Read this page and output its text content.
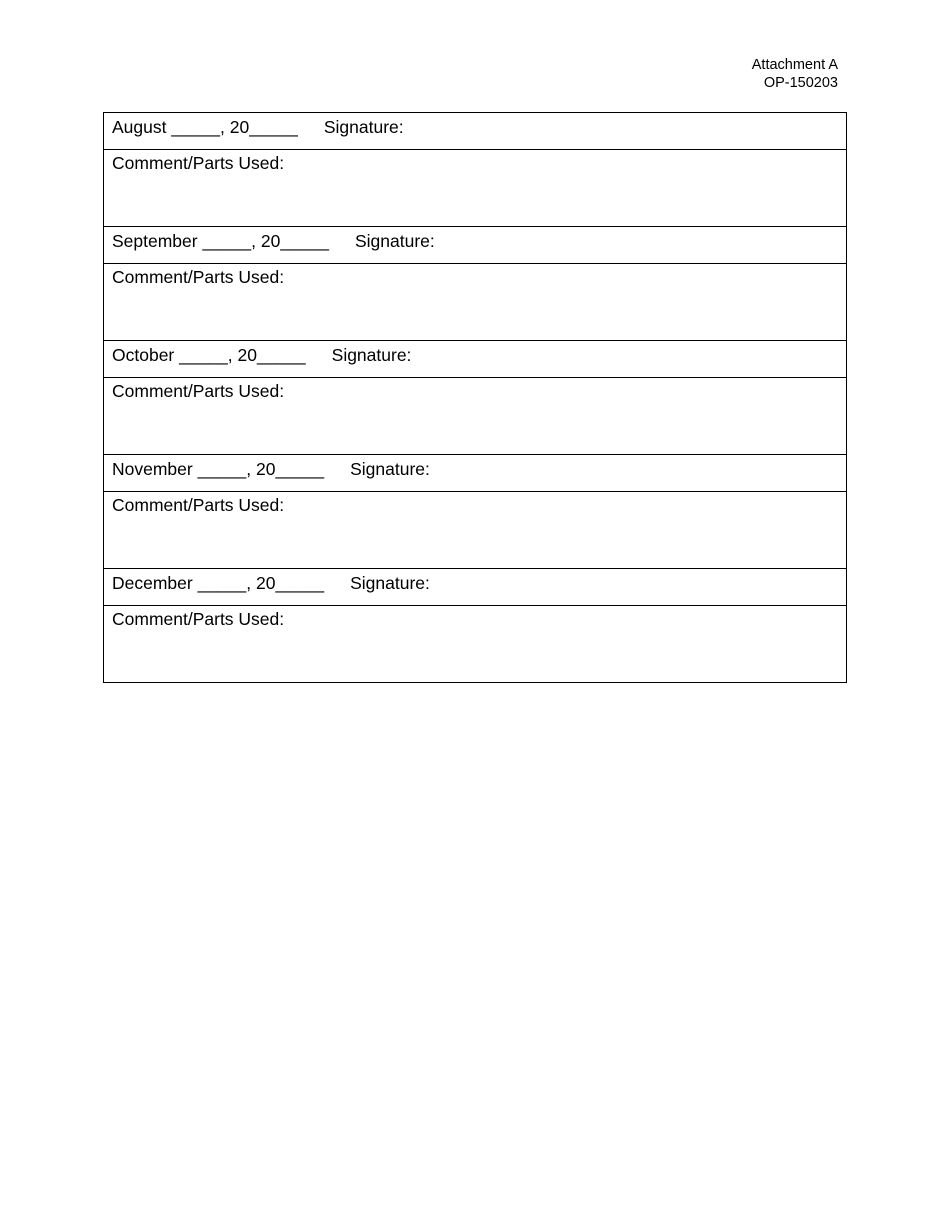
Attachment A
OP-150203
August _____, 20_____ Signature:
Comment/Parts Used:
September _____, 20_____ Signature:
Comment/Parts Used:
October _____, 20_____ Signature:
Comment/Parts Used:
November _____, 20_____ Signature:
Comment/Parts Used:
December _____, 20_____ Signature:
Comment/Parts Used:
